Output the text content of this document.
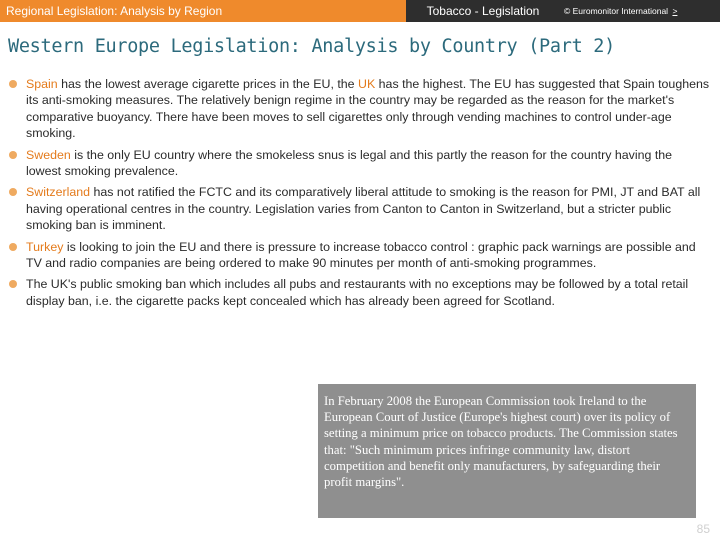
Regional Legislation: Analysis by Region	Tobacco - Legislation	© Euromonitor International >
Western Europe Legislation: Analysis by Country (Part 2)
Spain has the lowest average cigarette prices in the EU, the UK has the highest. The EU has suggested that Spain toughens its anti-smoking measures. The relatively benign regime in the country may be regarded as the reason for the market's comparative buoyancy. There have been moves to sell cigarettes only through vending machines to control under-age smoking.
Sweden is the only EU country where the smokeless snus is legal and this partly the reason for the country having the lowest smoking prevalence.
Switzerland has not ratified the FCTC and its comparatively liberal attitude to smoking is the reason for PMI, JT and BAT all having operational centres in the country. Legislation varies from Canton to Canton in Switzerland, but a stricter public smoking ban is imminent.
Turkey is looking to join the EU and there is pressure to increase tobacco control : graphic pack warnings are possible and TV and radio companies are being ordered to make 90 minutes per month of anti-smoking programmes.
The UK's public smoking ban which includes all pubs and restaurants with no exceptions may be followed by a total retail display ban, i.e. the cigarette packs kept concealed which has already been agreed for Scotland.
In February 2008 the European Commission took Ireland to the European Court of Justice (Europe's highest court) over its policy of setting a minimum price on tobacco products. The Commission states that: "Such minimum prices infringe community law, distort competition and benefit only manufacturers, by safeguarding their profit margins".
85
